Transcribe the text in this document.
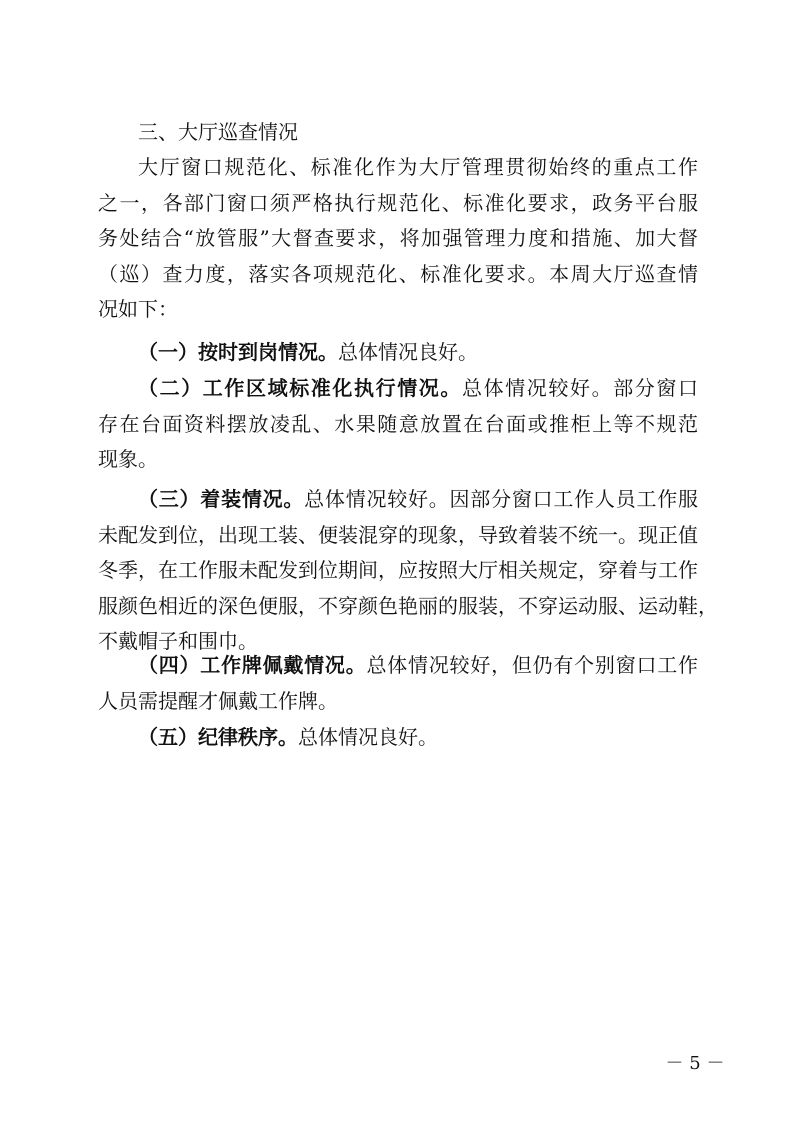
三、大厅巡查情况
大厅窗口规范化、标准化作为大厅管理贯彻始终的重点工作
之一，各部门窗口须严格执行规范化、标准化要求，政务平台服
务处结合“放管服”大督查要求，将加强管理力度和措施、加大督
（巡）查力度，落实各项规范化、标准化要求。本周大厅巡查情
况如下：
（一）按时到岗情况。总体情况良好。
（二）工作区域标准化执行情况。总体情况较好。部分窗口
存在台面资料摆放凌乱、水果随意放置在台面或推柜上等不规范
现象。
（三）着装情况。总体情况较好。因部分窗口工作人员工作服
未配发到位，出现工装、便装混穿的现象，导致着装不统一。现正值
冬季，在工作服未配发到位期间，应按照大厅相关规定，穿着与工作
服颜色相近的深色便服，不穿颜色艳丽的服装，不穿运动服、运动鞋，
不戴帽子和围巾。
（四）工作牌佩戴情况。总体情况较好，但仍有个别窗口工作
人员需提醒才佩戴工作牌。
（五）纪律秩序。总体情况良好。
－ 5 －
